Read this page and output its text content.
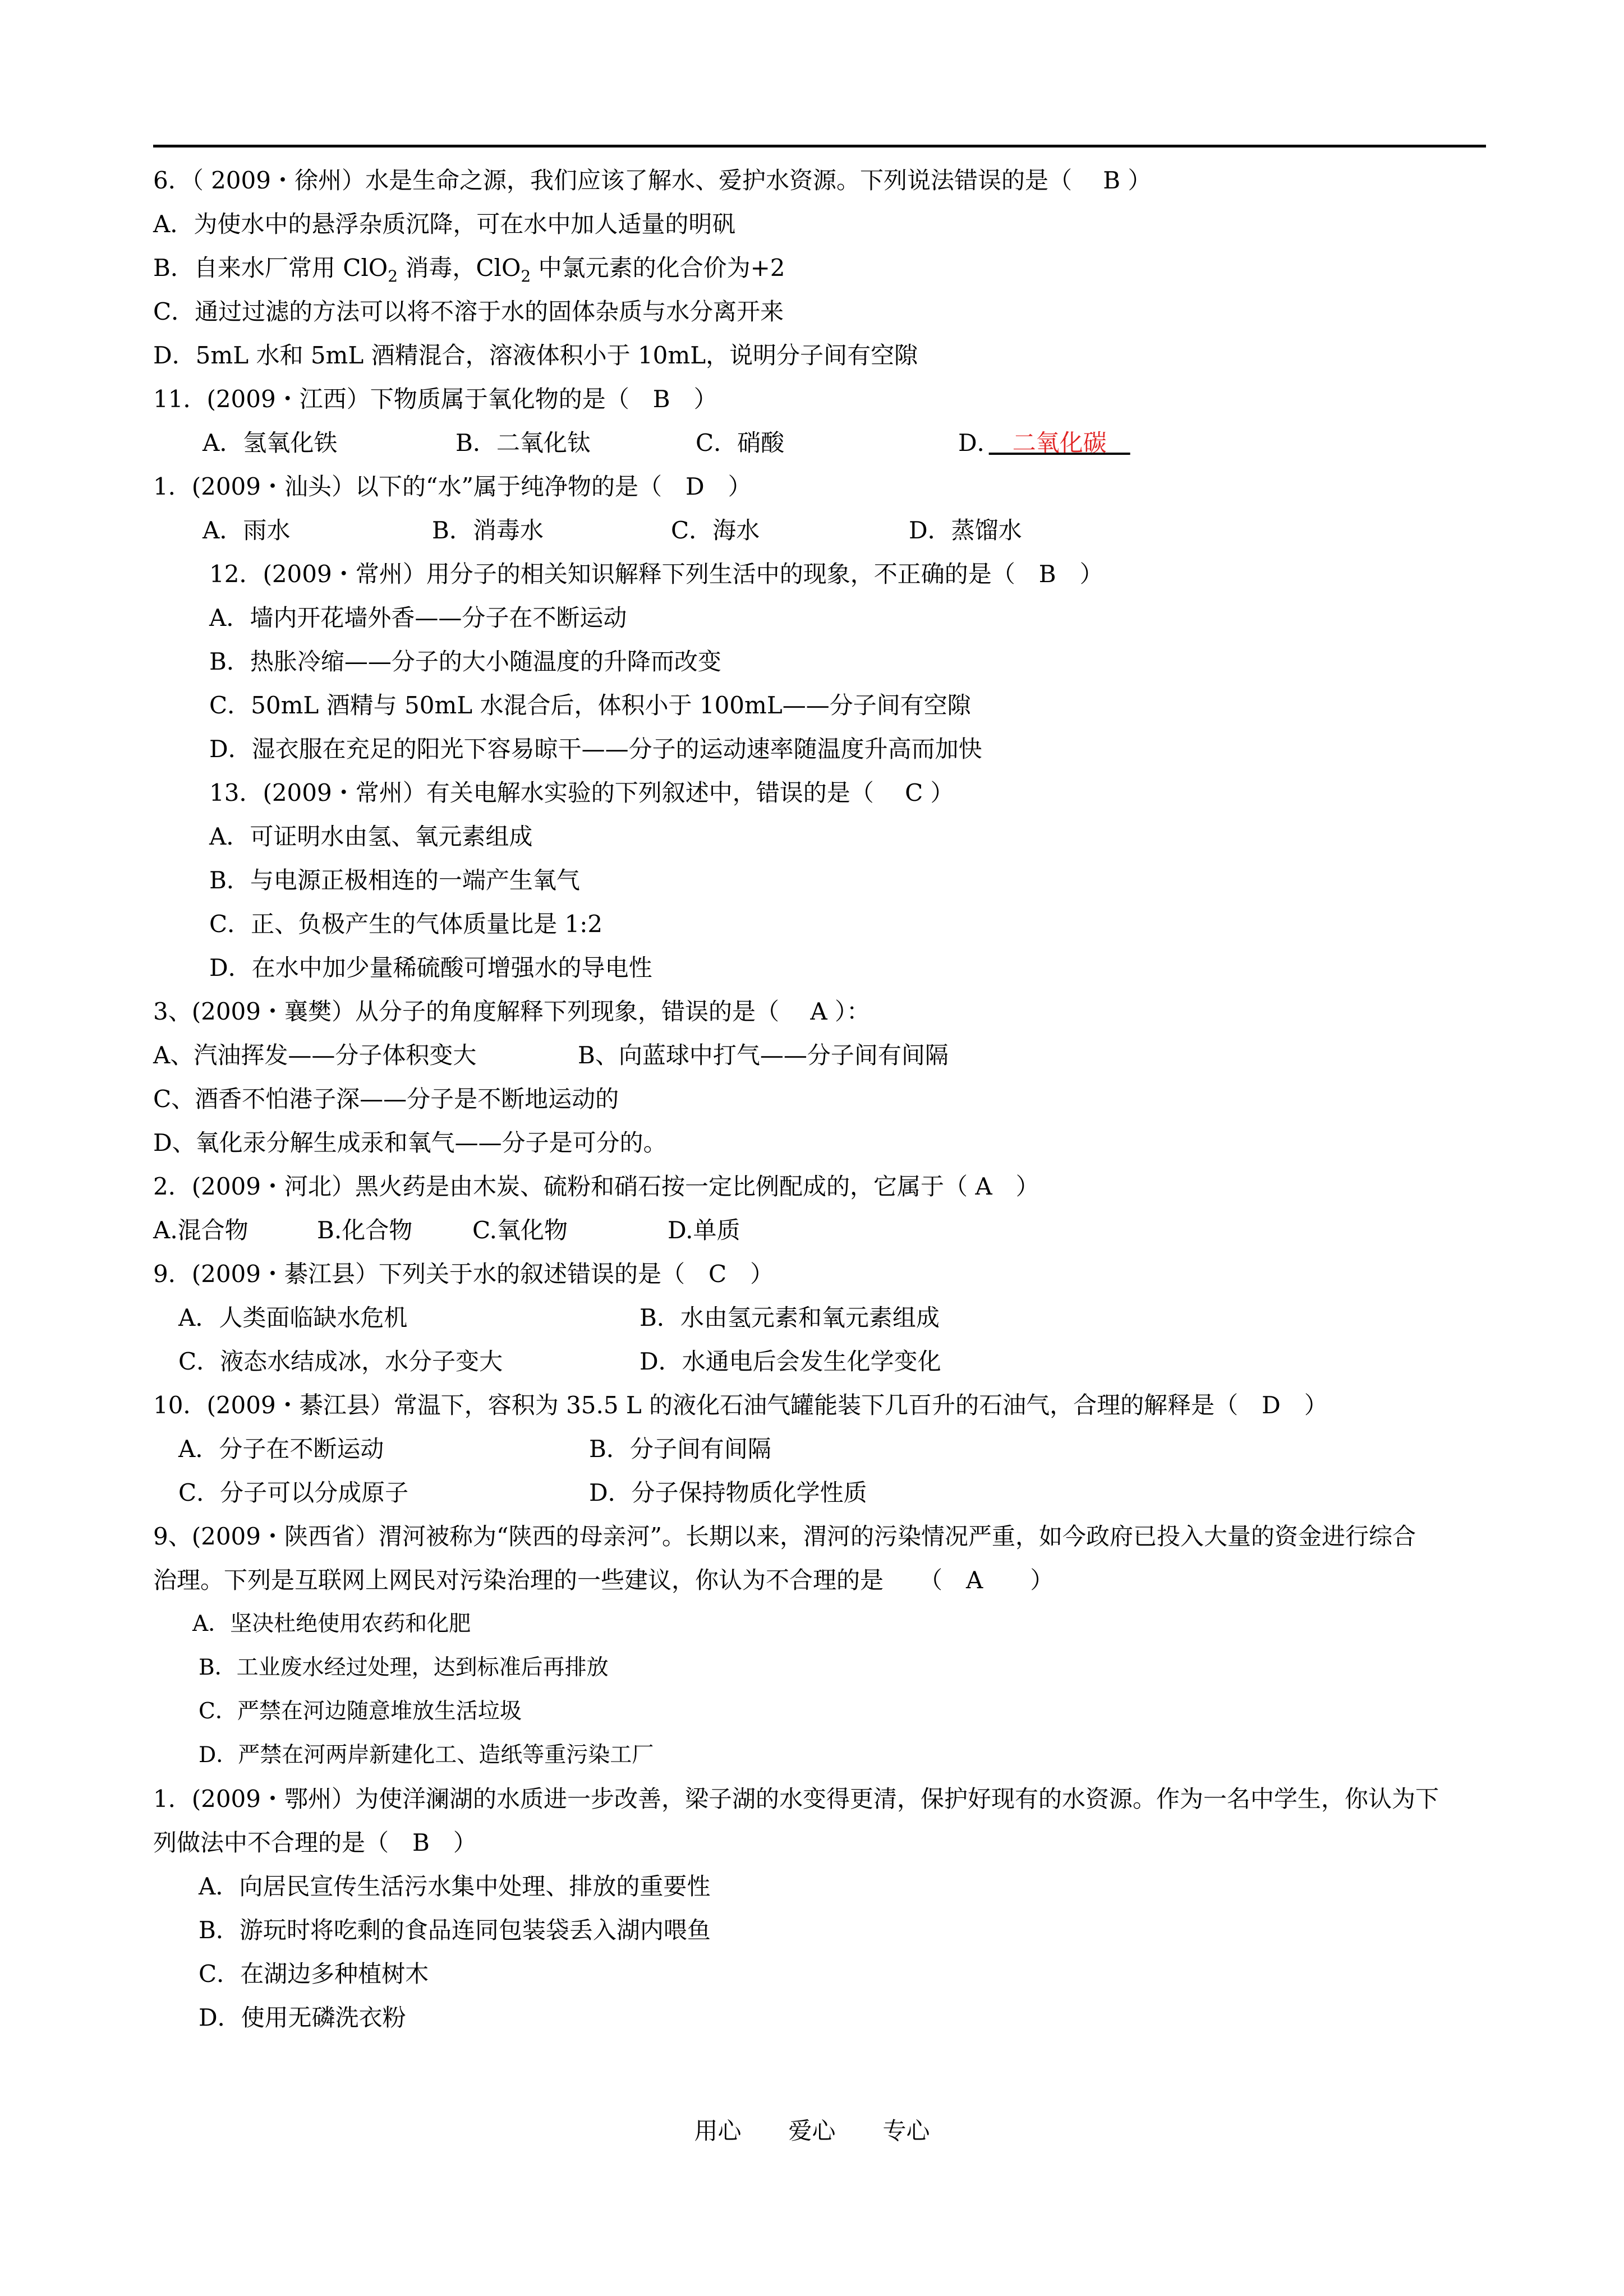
6．（ 2009・徐州）水是生命之源，我们应该了解水、爱护水资源。下列说法错误的是（　 B ）
A．为使水中的悬浮杂质沉降，可在水中加人适量的明矾
B．自来水厂常用 ClO$_2$ 消毒，ClO$_2$ 中氯元素的化合价为+2
C．通过过滤的方法可以将不溶于水的固体杂质与水分离开来
D．5mL 水和 5mL 酒精混合，溶液体积小于 10mL，说明分子间有空隙
11．(2009・江西）下物质属于氧化物的是（　B　）
A．氢氧化铁	B．二氧化钛	C．硝酸	D．　二氧化碳　
1．(2009・汕头）以下的“水”属于纯净物的是（　D　）
A．雨水	B．消毒水	C．海水	D．蒸馏水
12．(2009・常州）用分子的相关知识解释下列生活中的现象，不正确的是（　B　）
A．墙内开花墙外香——分子在不断运动
B．热胀冷缩——分子的大小随温度的升降而改变
C．50mL 酒精与 50mL 水混合后，体积小于 100mL——分子间有空隙
D．湿衣服在充足的阳光下容易晾干——分子的运动速率随温度升高而加快
13．(2009・常州）有关电解水实验的下列叙述中，错误的是（　 C ）
A．可证明水由氢、氧元素组成
B．与电源正极相连的一端产生氧气
C．正、负极产生的气体质量比是 1:2
D．在水中加少量稀硫酸可增强水的导电性
3、(2009・襄樊）从分子的角度解释下列现象，错误的是（　 A ）：
A、汽油挥发——分子体积变大	B、向蓝球中打气——分子间有间隔
C、酒香不怕港子深——分子是不断地运动的
D、氧化汞分解生成汞和氧气——分子是可分的。
2．(2009・河北）黑火药是由木炭、硫粉和硝石按一定比例配成的，它属于（ A　）
A.混合物	B.化合物	C.氧化物	D.单质
9．(2009・綦江县）下列关于水的叙述错误的是（　C　）
A．人类面临缺水危机	B．水由氢元素和氧元素组成
C．液态水结成冰，水分子变大	D．水通电后会发生化学变化
10．(2009・綦江县）常温下，容积为 35.5 L 的液化石油气罐能装下几百升的石油气，合理的解释是（　D　）
A．分子在不断运动	B．分子间有间隔
C．分子可以分成原子	D．分子保持物质化学性质
9、(2009・陕西省）渭河被称为“陕西的母亲河”。长期以来，渭河的污染情况严重，如今政府已投入大量的资金进行综合
治理。下列是互联网上网民对污染治理的一些建议，你认为不合理的是　　（　A　　）
A．坚决杜绝使用农药和化肥
B．工业废水经过处理，达到标准后再排放
C．严禁在河边随意堆放生活垃圾
D．严禁在河两岸新建化工、造纸等重污染工厂
1．(2009・鄂州）为使洋澜湖的水质进一步改善，梁子湖的水变得更清，保护好现有的水资源。作为一名中学生，你认为下
列做法中不合理的是（　B　）
A．向居民宣传生活污水集中处理、排放的重要性
B．游玩时将吃剩的食品连同包装袋丢入湖内喂鱼
C．在湖边多种植树木
D．使用无磷洗衣粉
用心　　爱心　　专心
